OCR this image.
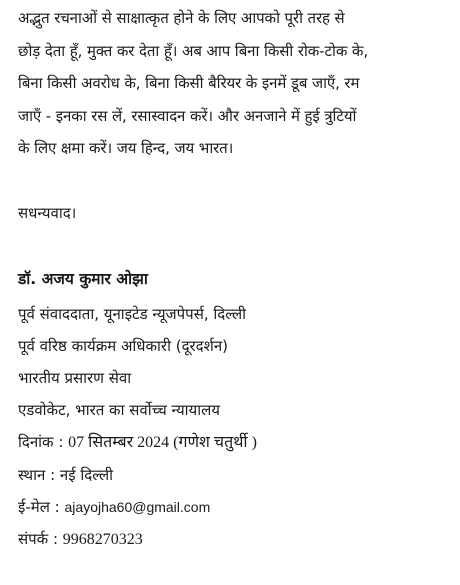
अद्भुत रचनाओं से साक्षात्कृत होने के लिए आपको पूरी तरह से
छोड़ देता हूँ, मुक्त कर देता हूँ। अब आप बिना किसी रोक-टोक के,
बिना किसी अवरोध के, बिना किसी बैरियर के इनमें डूब जाएँ, रम
जाएँ - इनका रस लें, रसास्वादन करें। और अनजाने में हुई त्रुटियों
के लिए क्षमा करें। जय हिन्द, जय भारत।

सधन्यवाद।

डॉ. अजय कुमार ओझा

पूर्व संवाददाता, यूनाइटेड न्यूजपेपर्स, दिल्ली
पूर्व वरिष्ठ कार्यक्रम अधिकारी (दूरदर्शन)
भारतीय प्रसारण सेवा
एडवोकेट, भारत का सर्वोच्च न्यायालय
दिनांक : 07 सितम्बर 2024 (गणेश चतुर्थी )
स्थान : नई दिल्ली
ई-मेल : ajayojha60@gmail.com
संपर्क : 9968270323
